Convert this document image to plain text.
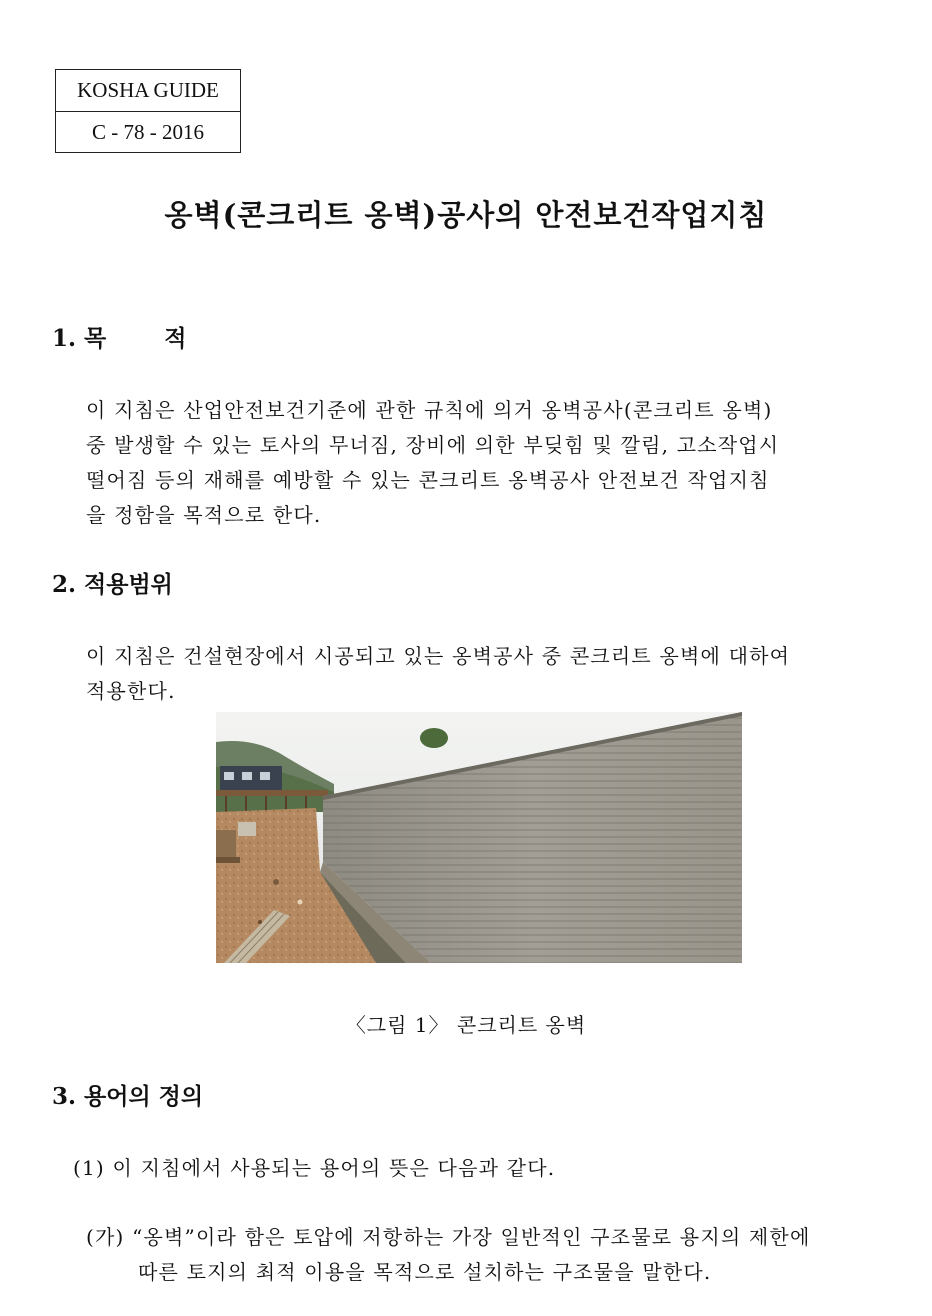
KOSHA GUIDE
C - 78 - 2016
옹벽(콘크리트 옹벽)공사의 안전보건작업지침
1. 목	적
이 지침은 산업안전보건기준에 관한 규칙에 의거 옹벽공사(콘크리트 옹벽)
중 발생할 수 있는 토사의 무너짐, 장비에 의한 부딪힘 및 깔림, 고소작업시
떨어짐 등의 재해를 예방할 수 있는 콘크리트 옹벽공사 안전보건 작업지침
을 정함을 목적으로 한다.
2. 적용범위
이 지침은 건설현장에서 시공되고 있는 옹벽공사 중 콘크리트 옹벽에 대하여
적용한다.
〈그림 1〉 콘크리트 옹벽
3. 용어의 정의
(1) 이 지침에서 사용되는 용어의 뜻은 다음과 같다.
(가) “옹벽”이라 함은 토압에 저항하는 가장 일반적인 구조물로 용지의 제한에
따른 토지의 최적 이용을 목적으로 설치하는 구조물을 말한다.
